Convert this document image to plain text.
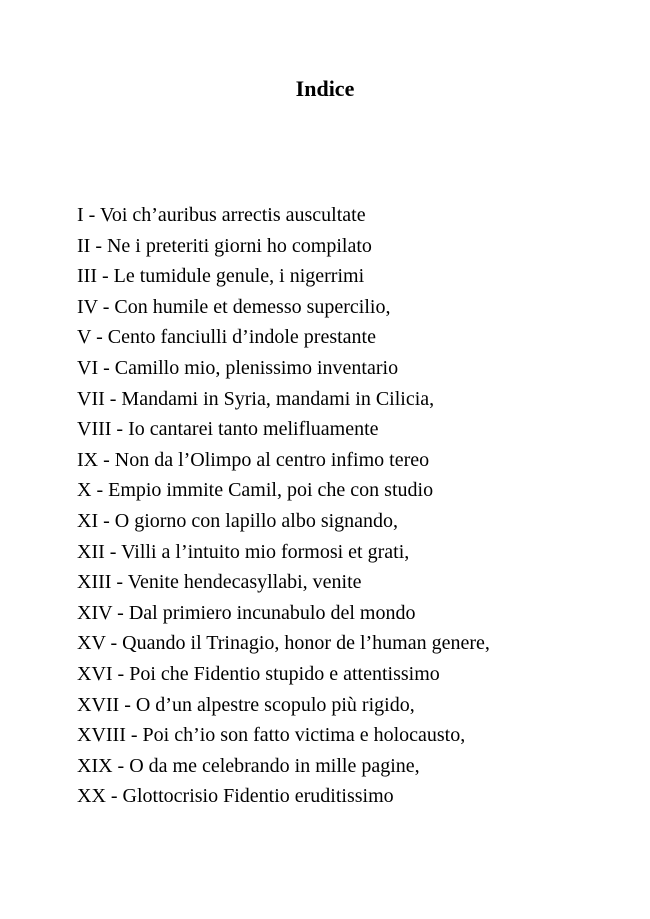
Indice
I - Voi ch’auribus arrectis auscultate
II - Ne i preteriti giorni ho compilato
III - Le tumidule genule, i nigerrimi
IV - Con humile et demesso supercilio,
V - Cento fanciulli d’indole prestante
VI - Camillo mio, plenissimo inventario
VII - Mandami in Syria, mandami in Cilicia,
VIII - Io cantarei tanto melifluamente
IX - Non da l’Olimpo al centro infimo tereo
X - Empio immite Camil, poi che con studio
XI - O giorno con lapillo albo signando,
XII - Villi a l’intuito mio formosi et grati,
XIII - Venite hendecasyllabi, venite
XIV - Dal primiero incunabulo del mondo
XV - Quando il Trinagio, honor de l’human genere,
XVI - Poi che Fidentio stupido e attentissimo
XVII - O d’un alpestre scopulo più rigido,
XVIII - Poi ch’io son fatto victima e holocausto,
XIX - O da me celebrando in mille pagine,
XX - Glottocrisio Fidentio eruditissimo
